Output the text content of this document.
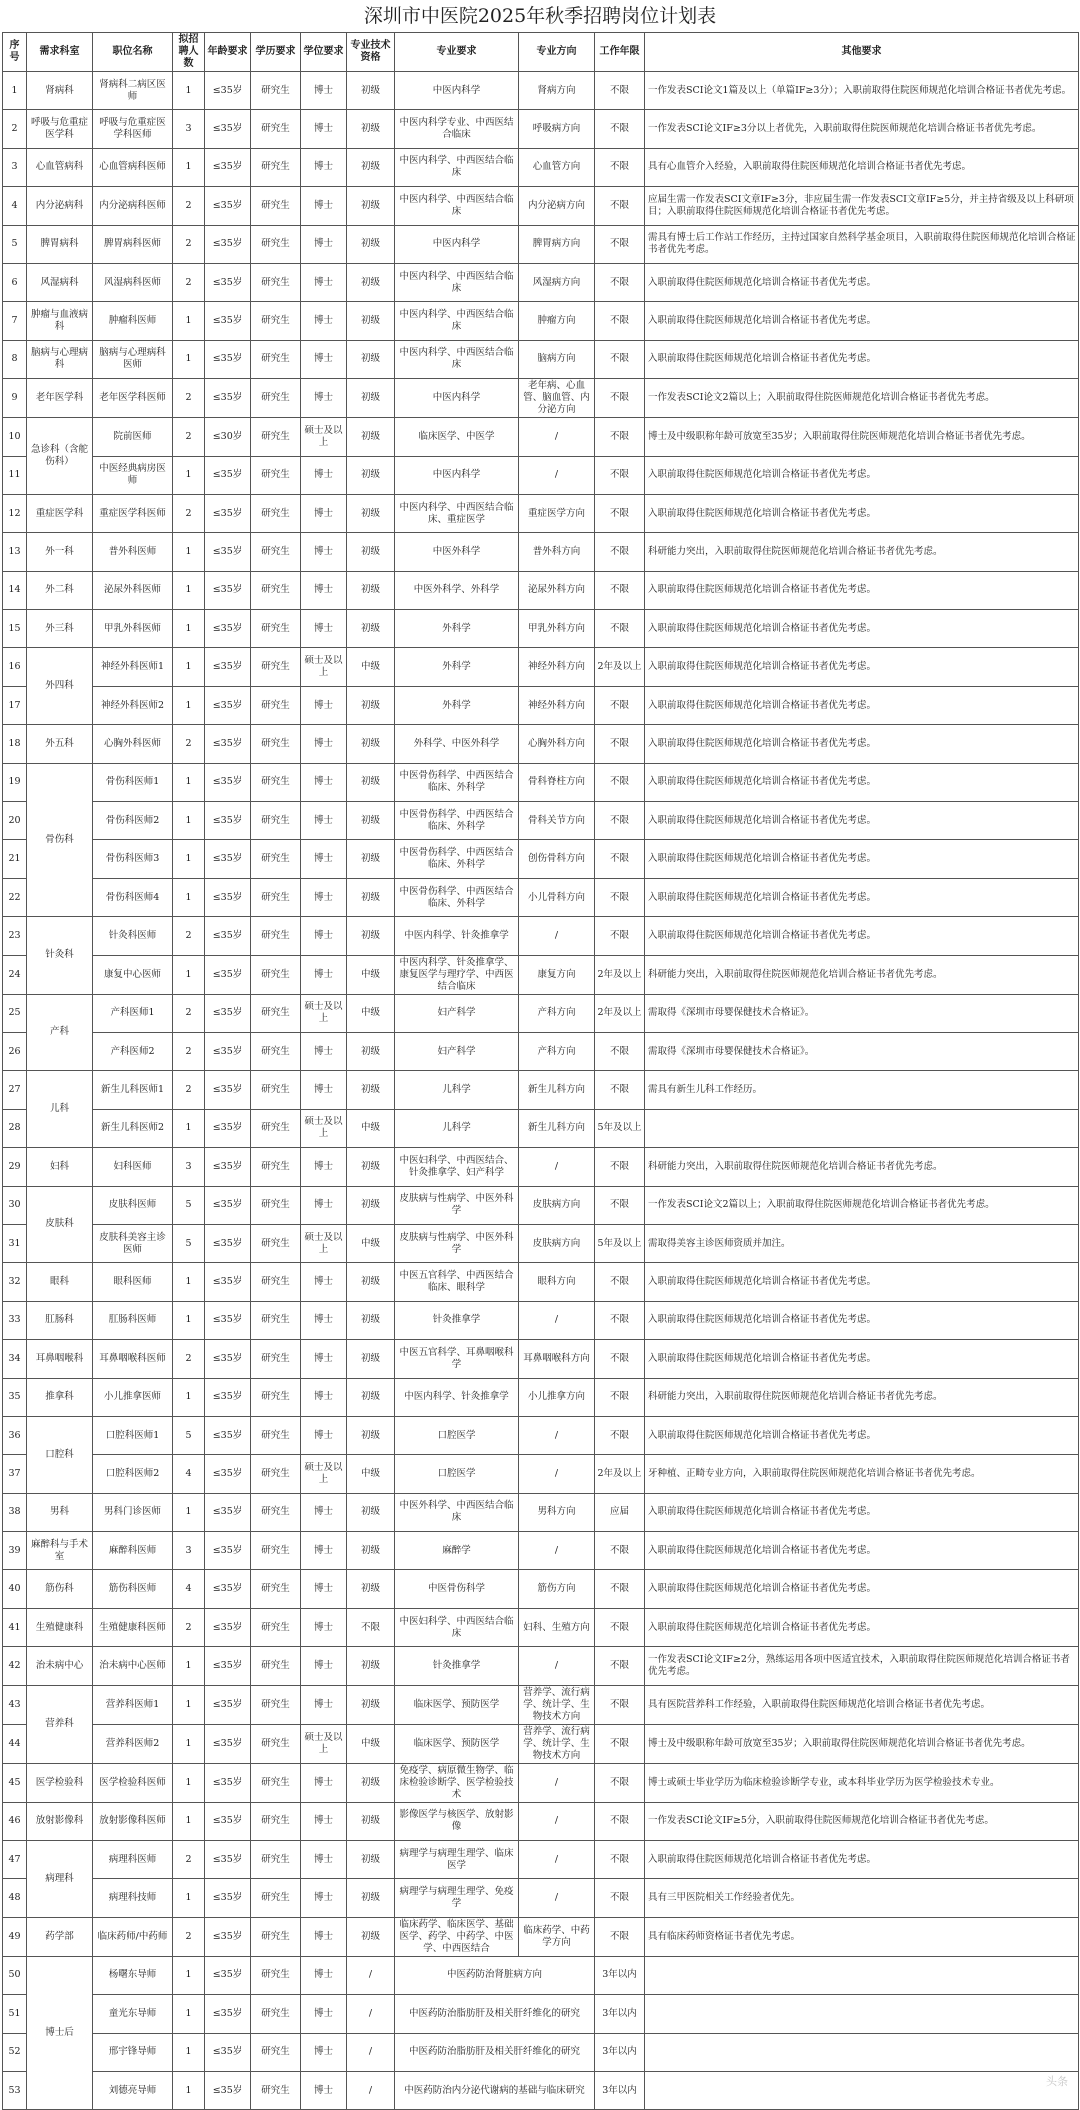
深圳市中医院2025年秋季招聘岗位计划表
序号	需求科室	职位名称	拟招聘人数	年龄要求	学历要求	学位要求	专业技术资格	专业要求	专业方向	工作年限	其他要求
1	肾病科	肾病科二病区医师	1	≤35岁	研究生	博士	初级	中医内科学	肾病方向	不限	一作发表SCI论文1篇及以上（单篇IF≥3分）；入职前取得住院医师规范化培训合格证书者优先考虑。
2	呼吸与危重症医学科	呼吸与危重症医学科医师	3	≤35岁	研究生	博士	初级	中医内科学专业、中西医结合临床	呼吸病方向	不限	一作发表SCI论文IF≥3分以上者优先，入职前取得住院医师规范化培训合格证书者优先考虑。
3	心血管病科	心血管病科医师	1	≤35岁	研究生	博士	初级	中医内科学、中西医结合临床	心血管方向	不限	具有心血管介入经验，入职前取得住院医师规范化培训合格证书者优先考虑。
4	内分泌病科	内分泌病科医师	2	≤35岁	研究生	博士	初级	中医内科学、中西医结合临床	内分泌病方向	不限	应届生需一作发表SCI文章IF≥3分，非应届生需一作发表SCI文章IF≥5分，并主持省级及以上科研项目；入职前取得住院医师规范化培训合格证书者优先考虑。
5	脾胃病科	脾胃病科医师	2	≤35岁	研究生	博士	初级	中医内科学	脾胃病方向	不限	需具有博士后工作站工作经历，主持过国家自然科学基金项目，入职前取得住院医师规范化培训合格证书者优先考虑。
6	风湿病科	风湿病科医师	2	≤35岁	研究生	博士	初级	中医内科学、中西医结合临床	风湿病方向	不限	入职前取得住院医师规范化培训合格证书者优先考虑。
7	肿瘤与血液病科	肿瘤科医师	1	≤35岁	研究生	博士	初级	中医内科学、中西医结合临床	肿瘤方向	不限	入职前取得住院医师规范化培训合格证书者优先考虑。
8	脑病与心理病科	脑病与心理病科医师	1	≤35岁	研究生	博士	初级	中医内科学、中西医结合临床	脑病方向	不限	入职前取得住院医师规范化培训合格证书者优先考虑。
9	老年医学科	老年医学科医师	2	≤35岁	研究生	博士	初级	中医内科学	老年病、心血管、脑血管、内分泌方向	不限	一作发表SCI论文2篇以上；入职前取得住院医师规范化培训合格证书者优先考虑。
10	急诊科（含舵伤科）	院前医师	2	≤30岁	研究生	硕士及以上	初级	临床医学、中医学	/	不限	博士及中级职称年龄可放宽至35岁；入职前取得住院医师规范化培训合格证书者优先考虑。
11		中医经典病房医师	1	≤35岁	研究生	博士	初级	中医内科学	/	不限	入职前取得住院医师规范化培训合格证书者优先考虑。
12	重症医学科	重症医学科医师	2	≤35岁	研究生	博士	初级	中医内科学、中西医结合临床、重症医学	重症医学方向	不限	入职前取得住院医师规范化培训合格证书者优先考虑。
13	外一科	普外科医师	1	≤35岁	研究生	博士	初级	中医外科学	普外科方向	不限	科研能力突出，入职前取得住院医师规范化培训合格证书者优先考虑。
14	外二科	泌尿外科医师	1	≤35岁	研究生	博士	初级	中医外科学、外科学	泌尿外科方向	不限	入职前取得住院医师规范化培训合格证书者优先考虑。
15	外三科	甲乳外科医师	1	≤35岁	研究生	博士	初级	外科学	甲乳外科方向	不限	入职前取得住院医师规范化培训合格证书者优先考虑。
16	外四科	神经外科医师1	1	≤35岁	研究生	硕士及以上	中级	外科学	神经外科方向	2年及以上	入职前取得住院医师规范化培训合格证书者优先考虑。
17		神经外科医师2	1	≤35岁	研究生	博士	初级	外科学	神经外科方向	不限	入职前取得住院医师规范化培训合格证书者优先考虑。
18	外五科	心胸外科医师	2	≤35岁	研究生	博士	初级	外科学、中医外科学	心胸外科方向	不限	入职前取得住院医师规范化培训合格证书者优先考虑。
19	骨伤科	骨伤科医师1	1	≤35岁	研究生	博士	初级	中医骨伤科学、中西医结合临床、外科学	骨科脊柱方向	不限	入职前取得住院医师规范化培训合格证书者优先考虑。
20		骨伤科医师2	1	≤35岁	研究生	博士	初级	中医骨伤科学、中西医结合临床、外科学	骨科关节方向	不限	入职前取得住院医师规范化培训合格证书者优先考虑。
21		骨伤科医师3	1	≤35岁	研究生	博士	初级	中医骨伤科学、中西医结合临床、外科学	创伤骨科方向	不限	入职前取得住院医师规范化培训合格证书者优先考虑。
22		骨伤科医师4	1	≤35岁	研究生	博士	初级	中医骨伤科学、中西医结合临床、外科学	小儿骨科方向	不限	入职前取得住院医师规范化培训合格证书者优先考虑。
23	针灸科	针灸科医师	2	≤35岁	研究生	博士	初级	中医内科学、针灸推拿学	/	不限	入职前取得住院医师规范化培训合格证书者优先考虑。
24		康复中心医师	1	≤35岁	研究生	博士	中级	中医内科学、针灸推拿学、康复医学与理疗学、中西医结合临床	康复方向	2年及以上	科研能力突出，入职前取得住院医师规范化培训合格证书者优先考虑。
25	产科	产科医师1	2	≤35岁	研究生	硕士及以上	中级	妇产科学	产科方向	2年及以上	需取得《深圳市母婴保健技术合格证》。
26		产科医师2	2	≤35岁	研究生	博士	初级	妇产科学	产科方向	不限	需取得《深圳市母婴保健技术合格证》。
27	儿科	新生儿科医师1	2	≤35岁	研究生	博士	初级	儿科学	新生儿科方向	不限	需具有新生儿科工作经历。
28		新生儿科医师2	1	≤35岁	研究生	硕士及以上	中级	儿科学	新生儿科方向	5年及以上	
29	妇科	妇科医师	3	≤35岁	研究生	博士	初级	中医妇科学、中西医结合、针灸推拿学、妇产科学	/	不限	科研能力突出，入职前取得住院医师规范化培训合格证书者优先考虑。
30	皮肤科	皮肤科医师	5	≤35岁	研究生	博士	初级	皮肤病与性病学、中医外科学	皮肤病方向	不限	一作发表SCI论文2篇以上；入职前取得住院医师规范化培训合格证书者优先考虑。
31		皮肤科美容主诊医师	5	≤35岁	研究生	硕士及以上	中级	皮肤病与性病学、中医外科学	皮肤病方向	5年及以上	需取得美容主诊医师资质并加注。
32	眼科	眼科医师	1	≤35岁	研究生	博士	初级	中医五官科学、中西医结合临床、眼科学	眼科方向	不限	入职前取得住院医师规范化培训合格证书者优先考虑。
33	肛肠科	肛肠科医师	1	≤35岁	研究生	博士	初级	针灸推拿学	/	不限	入职前取得住院医师规范化培训合格证书者优先考虑。
34	耳鼻咽喉科	耳鼻咽喉科医师	2	≤35岁	研究生	博士	初级	中医五官科学、耳鼻咽喉科学	耳鼻咽喉科方向	不限	入职前取得住院医师规范化培训合格证书者优先考虑。
35	推拿科	小儿推拿医师	1	≤35岁	研究生	博士	初级	中医内科学、针灸推拿学	小儿推拿方向	不限	科研能力突出，入职前取得住院医师规范化培训合格证书者优先考虑。
36	口腔科	口腔科医师1	5	≤35岁	研究生	博士	初级	口腔医学	/	不限	入职前取得住院医师规范化培训合格证书者优先考虑。
37		口腔科医师2	4	≤35岁	研究生	硕士及以上	中级	口腔医学	/	2年及以上	牙种植、正畸专业方向，入职前取得住院医师规范化培训合格证书者优先考虑。
38	男科	男科门诊医师	1	≤35岁	研究生	博士	初级	中医外科学、中西医结合临床	男科方向	应届	入职前取得住院医师规范化培训合格证书者优先考虑。
39	麻醉科与手术室	麻醉科医师	3	≤35岁	研究生	博士	初级	麻醉学	/	不限	入职前取得住院医师规范化培训合格证书者优先考虑。
40	筋伤科	筋伤科医师	4	≤35岁	研究生	博士	初级	中医骨伤科学	筋伤方向	不限	入职前取得住院医师规范化培训合格证书者优先考虑。
41	生殖健康科	生殖健康科医师	2	≤35岁	研究生	博士	不限	中医妇科学、中西医结合临床	妇科、生殖方向	不限	入职前取得住院医师规范化培训合格证书者优先考虑。
42	治未病中心	治未病中心医师	1	≤35岁	研究生	博士	初级	针灸推拿学	/	不限	一作发表SCI论文IF≥2分，熟练运用各项中医适宜技术，入职前取得住院医师规范化培训合格证书者优先考虑。
43	营养科	营养科医师1	1	≤35岁	研究生	博士	初级	临床医学、预防医学	营养学、流行病学、统计学、生物技术方向	不限	具有医院营养科工作经验，入职前取得住院医师规范化培训合格证书者优先考虑。
44		营养科医师2	1	≤35岁	研究生	硕士及以上	中级	临床医学、预防医学	营养学、流行病学、统计学、生物技术方向	不限	博士及中级职称年龄可放宽至35岁；入职前取得住院医师规范化培训合格证书者优先考虑。
45	医学检验科	医学检验科医师	1	≤35岁	研究生	博士	初级	免疫学、病原微生物学、临床检验诊断学、医学检验技术	/	不限	博士或硕士毕业学历为临床检验诊断学专业，或本科毕业学历为医学检验技术专业。
46	放射影像科	放射影像科医师	1	≤35岁	研究生	博士	初级	影像医学与核医学、放射影像	/	不限	一作发表SCI论文IF≥5分，入职前取得住院医师规范化培训合格证书者优先考虑。
47	病理科	病理科医师	2	≤35岁	研究生	博士	初级	病理学与病理生理学、临床医学	/	不限	入职前取得住院医师规范化培训合格证书者优先考虑。
48		病理科技师	1	≤35岁	研究生	博士	初级	病理学与病理生理学、免疫学	/	不限	具有三甲医院相关工作经验者优先。
49	药学部	临床药师/中药师	2	≤35岁	研究生	博士	初级	临床药学、临床医学、基础医学、药学、中药学、中医学、中西医结合	临床药学、中药学方向	不限	具有临床药师资格证书者优先考虑。
50	博士后	杨曙东导师	1	≤35岁	研究生	博士	/	中医药防治肾脏病方向		3年以内	
51		童光东导师	1	≤35岁	研究生	博士	/	中医药防治脂肪肝及相关肝纤维化的研究		3年以内	
52		邢宇锋导师	1	≤35岁	研究生	博士	/	中医药防治脂肪肝及相关肝纤维化的研究		3年以内	
53		刘德亮导师	1	≤35岁	研究生	博士	/	中医药防治内分泌代谢病的基础与临床研究		3年以内	
头条
